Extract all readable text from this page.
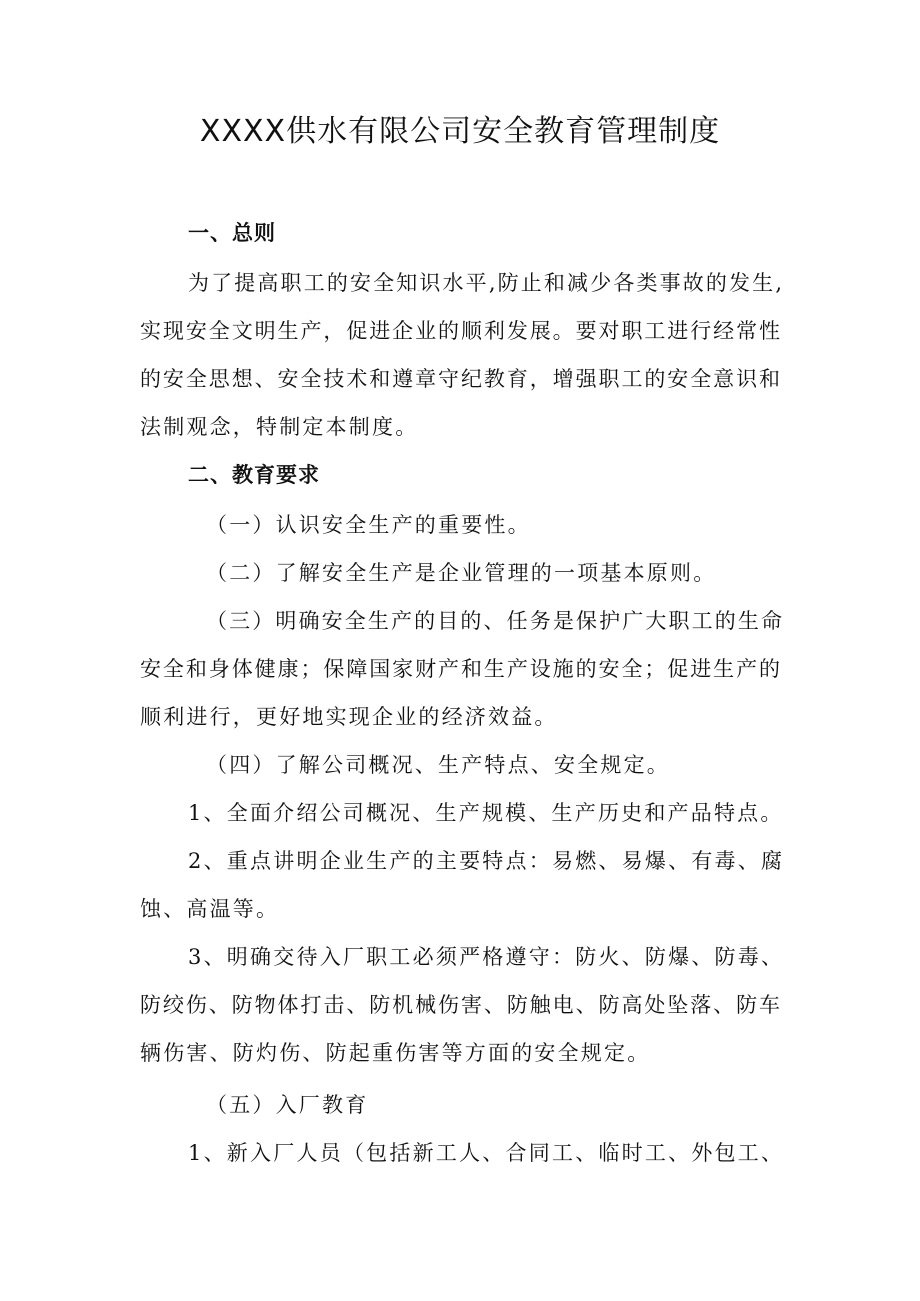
XXXX供水有限公司安全教育管理制度
一、总则
为了提高职工的安全知识水平,防止和减少各类事故的发生,
实现安全文明生产，促进企业的顺利发展。要对职工进行经常性
的安全思想、安全技术和遵章守纪教育，增强职工的安全意识和
法制观念，特制定本制度。
二、教育要求
（一）认识安全生产的重要性。
（二）了解安全生产是企业管理的一项基本原则。
（三）明确安全生产的目的、任务是保护广大职工的生命
安全和身体健康；保障国家财产和生产设施的安全；促进生产的
顺利进行，更好地实现企业的经济效益。
（四）了解公司概况、生产特点、安全规定。
1、全面介绍公司概况、生产规模、生产历史和产品特点。
2、重点讲明企业生产的主要特点：易燃、易爆、有毒、腐
蚀、高温等。
3、明确交待入厂职工必须严格遵守：防火、防爆、防毒、
防绞伤、防物体打击、防机械伤害、防触电、防高处坠落、防车
辆伤害、防灼伤、防起重伤害等方面的安全规定。
（五）入厂教育
1、新入厂人员（包括新工人、合同工、临时工、外包工、
